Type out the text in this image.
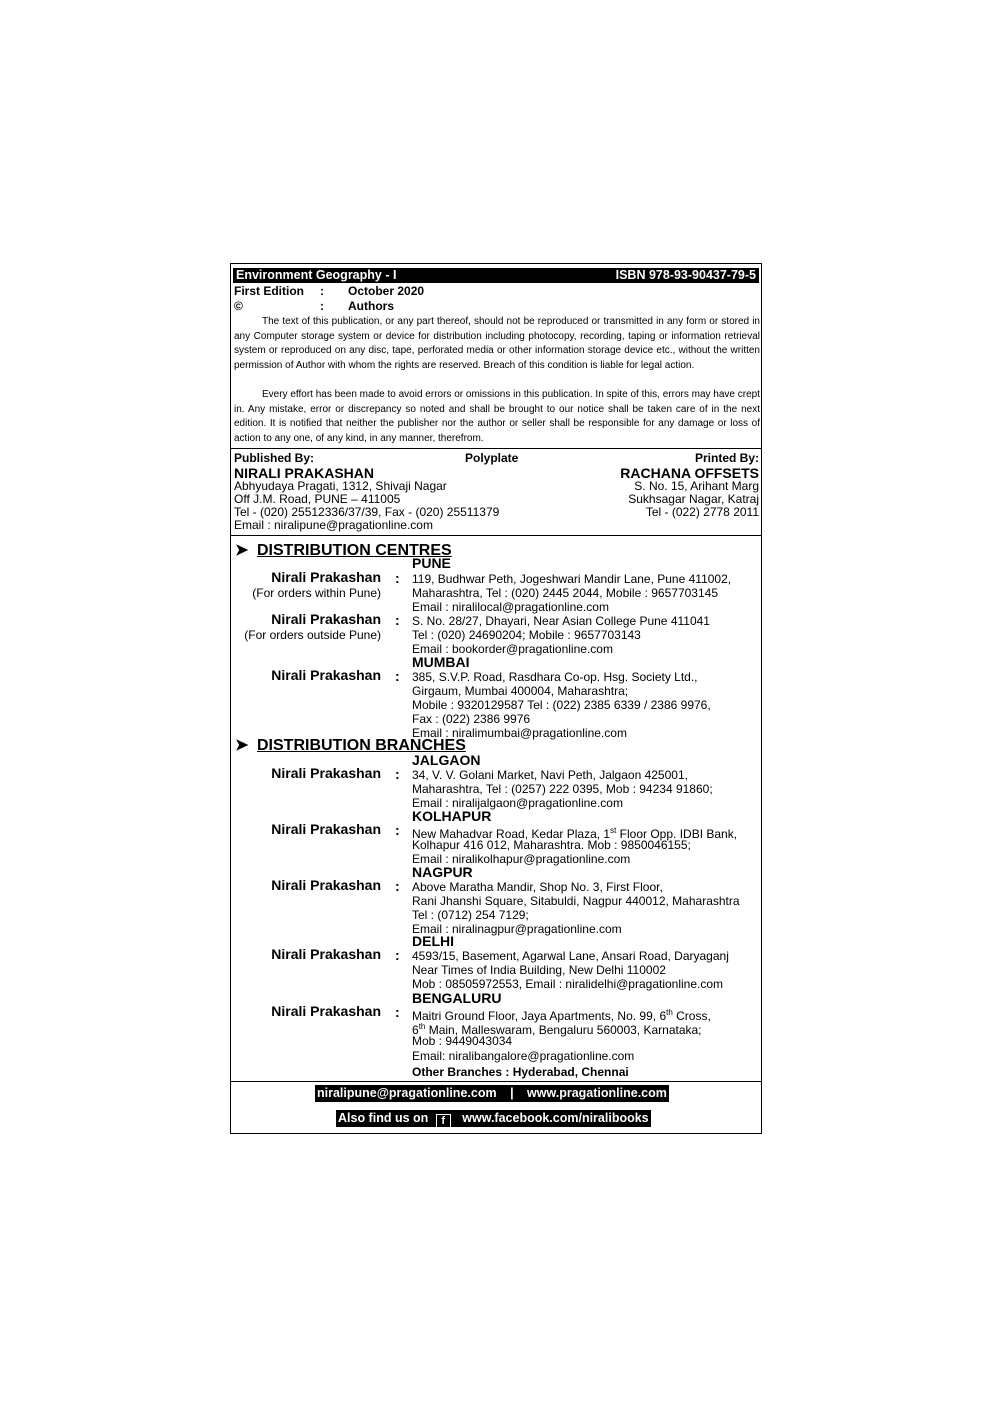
Environment Geography - I	ISBN 978-93-90437-79-5
First Edition : October 2020
©	: Authors
The text of this publication, or any part thereof, should not be reproduced or transmitted in any form or stored in any Computer storage system or device for distribution including photocopy, recording, taping or information retrieval system or reproduced on any disc, tape, perforated media or other information storage device etc., without the written permission of Author with whom the rights are reserved. Breach of this condition is liable for legal action.
Every effort has been made to avoid errors or omissions in this publication. In spite of this, errors may have crept in. Any mistake, error or discrepancy so noted and shall be brought to our notice shall be taken care of in the next edition. It is notified that neither the publisher nor the author or seller shall be responsible for any damage or loss of action to any one, of any kind, in any manner, therefrom.
Published By:
NIRALI PRAKASHAN
Abhyudaya Pragati, 1312, Shivaji Nagar
Off J.M. Road, PUNE – 411005
Tel - (020) 25512336/37/39, Fax - (020) 25511379
Email : niralipune@pragationline.com
Polyplate	Printed By:
RACHANA OFFSETS
S. No. 15, Arihant Marg
Sukhsagar Nagar, Katraj
Tel - (022) 2778 2011
➤ DISTRIBUTION CENTRES
PUNE
Nirali Prakashan
(For orders within Pune)
: 119, Budhwar Peth, Jogeshwari Mandir Lane, Pune 411002,
Maharashtra, Tel : (020) 2445 2044, Mobile : 9657703145
Email : niralilocal@pragationline.com
Nirali Prakashan
(For orders outside Pune)
: S. No. 28/27, Dhayari, Near Asian College Pune 411041
Tel : (020) 24690204; Mobile : 9657703143
Email : bookorder@pragationline.com
MUMBAI
Nirali Prakashan : 385, S.V.P. Road, Rasdhara Co-op. Hsg. Society Ltd.,
Girgaum, Mumbai 400004, Maharashtra;
Mobile : 9320129587 Tel : (022) 2385 6339 / 2386 9976,
Fax : (022) 2386 9976
Email : niralimumbai@pragationline.com
➤ DISTRIBUTION BRANCHES
JALGAON
Nirali Prakashan : 34, V. V. Golani Market, Navi Peth, Jalgaon 425001,
Maharashtra, Tel : (0257) 222 0395, Mob : 94234 91860;
Email : niralijalgaon@pragationline.com
KOLHAPUR
Nirali Prakashan : New Mahadvar Road, Kedar Plaza, 1st Floor Opp. IDBI Bank,
Kolhapur 416 012, Maharashtra. Mob : 9850046155;
Email : niralikolhapur@pragationline.com
NAGPUR
Nirali Prakashan : Above Maratha Mandir, Shop No. 3, First Floor,
Rani Jhanshi Square, Sitabuldi, Nagpur 440012, Maharashtra
Tel : (0712) 254 7129;
Email : niralinagpur@pragationline.com
DELHI
Nirali Prakashan : 4593/15, Basement, Agarwal Lane, Ansari Road, Daryaganj
Near Times of India Building, New Delhi 110002
Mob : 08505972553, Email : niralidelhi@pragationline.com
BENGALURU
Nirali Prakashan : Maitri Ground Floor, Jaya Apartments, No. 99, 6th Cross,
6th Main, Malleswaram, Bengaluru 560003, Karnataka;
Mob : 9449043034
Email: niralibangalore@pragationline.com
Other Branches : Hyderabad, Chennai
niralipune@pragationline.com | www.pragationline.com
Also find us on f www.facebook.com/niralibooks
